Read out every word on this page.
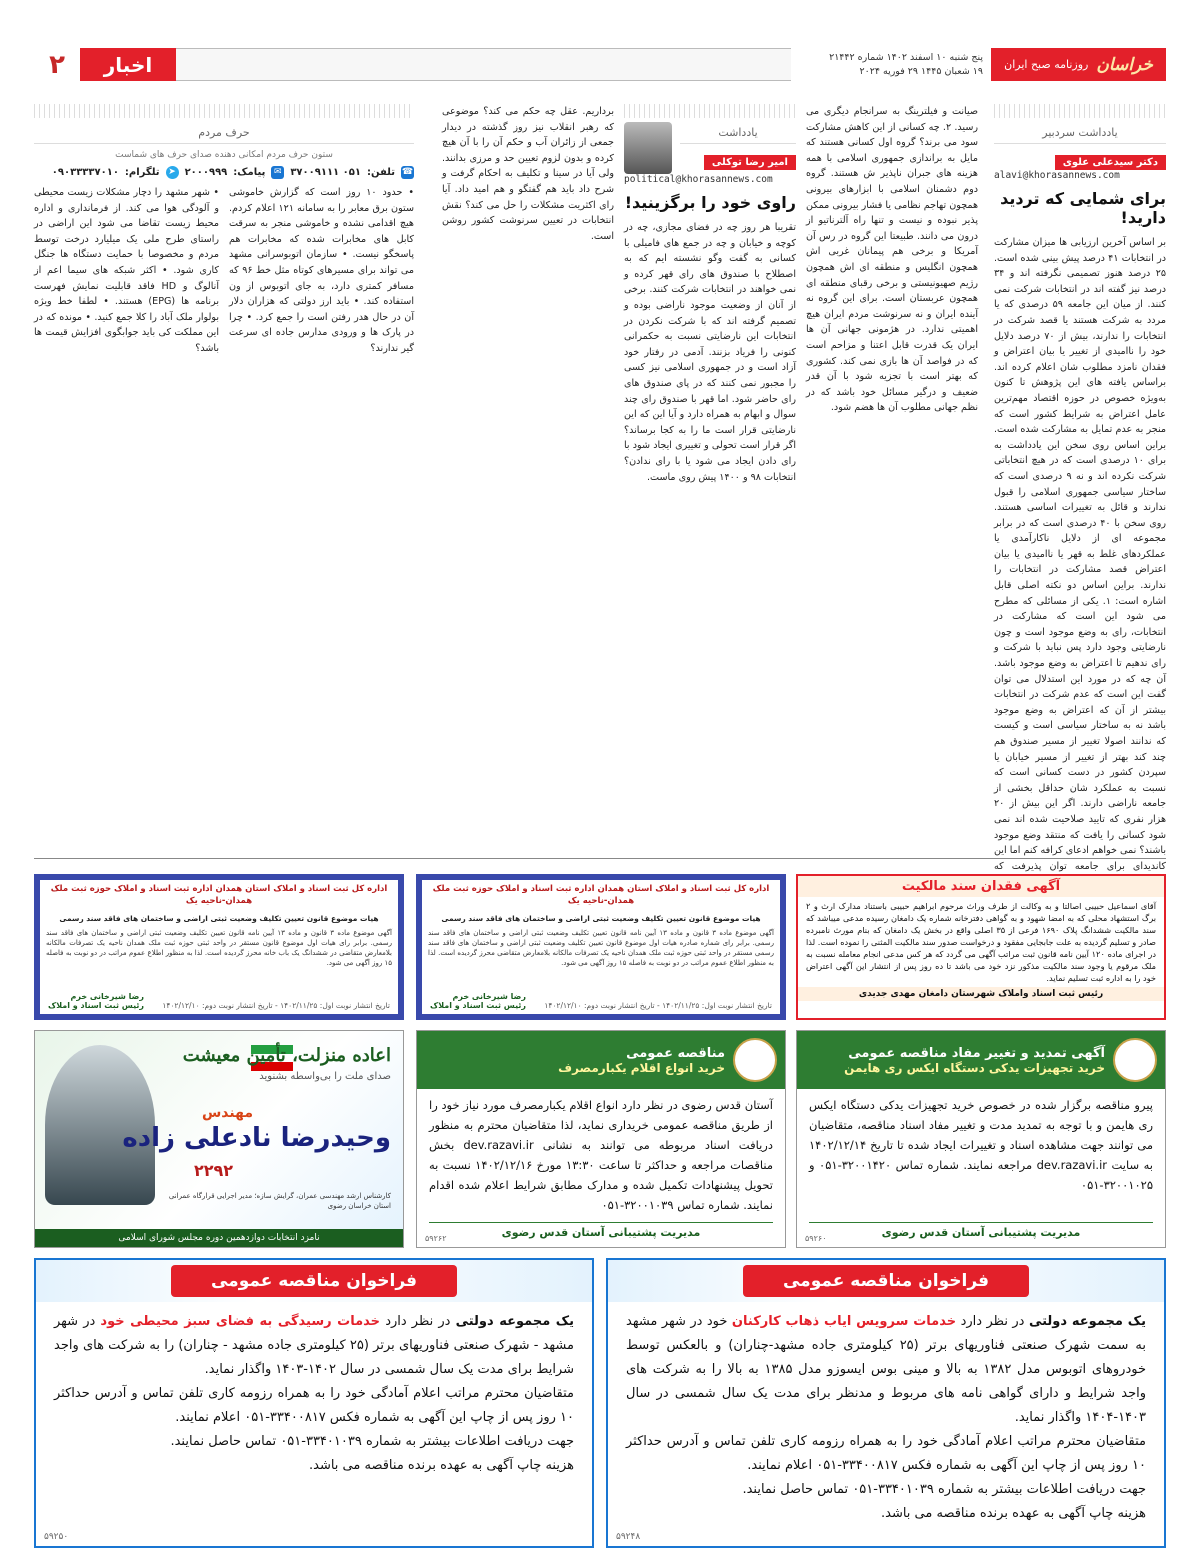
خراسان
روزنامه صبح ایران
پنج شنبه ۱۰ اسفند ۱۴۰۲ شماره ۲۱۴۴۲
۱۹ شعبان ۱۴۴۵ ۲۹ فوریه ۲۰۲۴
اخبار
۲
یادداشت سردبیر
دکتر سیدعلی علوی
alavi@khorasannews.com
برای شمایی که تردید دارید!

بر اساس آخرین ارزیابی ها میزان مشارکت در انتخابات ۴۱ درصد پیش بینی شده است. ۲۵ درصد هنوز تصمیمی نگرفته اند و ۳۴ درصد نیز گفته اند در انتخابات شرکت نمی کنند. از میان این جامعه ۵۹ درصدی که یا مردد به شرکت هستند یا قصد شرکت در انتخابات را ندارند، بیش از ۷۰ درصد دلایل خود را ناامیدی از تغییر یا بیان اعتراض و فقدان نامزد مطلوب شان اعلام کرده اند. براساس یافته های این پژوهش تا کنون به‌ویژه خصوص در حوزه اقتصاد مهم‌ترین عامل اعتراض به شرایط کشور است که منجر به عدم تمایل به مشارکت شده است. براین اساس روی سخن این یادداشت به برای ۱۰ درصدی است که در هیچ انتخاباتی شرکت نکرده اند و نه ۹ درصدی است که ساختار سیاسی جمهوری اسلامی را قبول ندارند و قائل به تغییرات اساسی هستند. روی سخن با ۴۰ درصدی است که در برابر مجموعه ای از دلایل ناکارآمدی یا عملکردهای غلط به قهر یا ناامیدی یا بیان اعتراض قصد مشارکت در انتخابات را ندارند. براین اساس دو نکته اصلی قابل اشاره است: ۱. یکی از مسائلی که مطرح می شود این است که مشارکت در انتخابات، رای به وضع موجود است و چون نارضایتی وجود دارد پس نباید با شرکت و رای ندهیم تا اعتراض به وضع موجود باشد. آن چه که در مورد این استدلال می توان گفت این است که عدم شرکت در انتخابات بیشتر از آن که اعتراض به وضع موجود باشد نه به ساختار سیاسی است و کیست که ندانند اصولا تغییر از مسیر صندوق هم چند کند بهتر از تغییر از مسیر خیابان یا سپردن کشور در دست کسانی است که نسبت به عملکرد شان حداقل بخشی از جامعه ناراضی دارند. اگر این بیش از ۲۰ هزار نفری که تایید صلاحیت شده اند نمی شود کسانی را یافت که منتقد وضع موجود باشند؟ نمی خواهم ادعای کرافه کنم اما این کاندیدای برای جامعه توان پذیرفت که

صیانت و فیلترینگ به سرانجام دیگری می رسید. ۲. چه کسانی از این کاهش مشارکت سود می برند؟ گروه اول کسانی هستند که مایل به براندازی جمهوری اسلامی با همه هزینه های جبران ناپذیر ش هستند. گروه دوم دشمنان اسلامی با ابزارهای بیرونی همچون تهاجم نظامی یا فشار بیرونی ممکن پذیر نبوده و نیست و تنها راه آلترناتیو از درون می دانند. طبیعتا این گروه در رس آن آمریکا و برخی هم پیمانان غربی اش همچون انگلیس و منطقه ای اش همچون رژیم صهیونیستی و برخی رقبای منطقه ای همچون عربستان است. برای این گروه نه آینده ایران و نه سرنوشت مردم ایران هیچ اهمیتی ندارد. در هژمونی جهانی آن ها ایران یک قدرت قابل اعتنا و مزاحم است که در فواصد آن ها بازی نمی کند. کشوری که بهتر است با تجزیه شود با آن قدر ضعیف و درگیر مسائل خود باشد که در نظم جهانی مطلوب آن ها هضم شود.

یادداشت
امیر رضا توکلی
political@khorasannews.com
راوی خود را برگزینید!

تقریبا هر روز چه در فضای مجازی، چه در کوچه و خیابان و چه در جمع های فامیلی با کسانی به گفت وگو نشسته ایم که به اصطلاح با صندوق های رای قهر کرده و نمی خواهند در انتخابات شرکت کنند. برخی از آنان از وضعیت موجود ناراضی بوده و تصمیم گرفته اند که با شرکت نکردن در انتخابات این نارضایتی نسبت به حکمرانی کنونی را فریاد بزنند. آدمی در رفتار خود آزاد است و در جمهوری اسلامی نیز کسی را مجبور نمی کنند که در پای صندوق های رای حاضر شود. اما قهر با صندوق رای چند سوال و ابهام به همراه دارد و آیا این که این نارضایتی قرار است ما را به کجا برساند؟ اگر قرار است تحولی و تغییری ایجاد شود با رای دادن ایجاد می شود یا با رای ندادن؟ انتخابات ۹۸ و ۱۴۰۰ پیش روی ماست.

برداریم. عقل چه حکم می کند؟ موضوعی که رهبر انقلاب نیز روز گذشته در دیدار جمعی از زائران آب و حکم آن را با آن هیچ کرده و بدون لزوم تعیین حد و مرزی بدانند. ولی آیا در سینا و تکلیف به احکام گرفت و شرح داد باید هم گفتگو و هم امید داد. آیا رای اکثریت مشکلات را حل می کند؟ نقش انتخابات در تعیین سرنوشت کشور روشن است.

حرف مردم
ستون حرف مردم امکانی دهنده صدای حرف های شماست
☎
تلفن:
۰۵۱ ۳۷۰۰۹۱۱۱
✉
پیامک:
۲۰۰۰۹۹۹
➤
تلگرام:
۰۹۰۳۳۳۳۷۰۱۰

• حدود ۱۰ روز است که گزارش خاموشی ستون برق معابر را به سامانه ۱۲۱ اعلام کردم. هیچ اقدامی نشده و خاموشی منجر به سرقت کابل های مخابرات شده که مخابرات هم پاسخگو نیست. • سازمان اتوبوسرانی مشهد می تواند برای مسیرهای کوتاه مثل خط ۹۶ که مسافر کمتری دارد، به جای اتوبوس از ون استفاده کند. • باید ارز دولتی که هزاران دلار آن در حال هدر رفتن است را جمع کرد. • چرا در پارک ها و ورودی مدارس جاده ای سرعت گیر ندارند؟

• شهر مشهد را دچار مشکلات زیست محیطی و آلودگی هوا می کند. از فرمانداری و اداره محیط زیست تقاضا می شود این اراضی در راستای طرح ملی یک میلیارد درخت توسط مردم و مخصوصا با حمایت دستگاه ها جنگل کاری شود. • اکثر شبکه های سیما اعم از آنالوگ و HD فاقد قابلیت نمایش فهرست برنامه ها (EPG) هستند. • لطفا خط ویژه بولوار ملک آباد را کلا جمع کنید. • مونده که در این مملکت کی باید جوابگوی افزایش قیمت ها باشد؟

آگهی فقدان سند مالکیت
آقای اسماعیل حبیبی اصالتا و به وکالت از طرف وراث مرحوم ابراهیم حبیبی باستناد مدارک ارث و ۲ برگ استشهاد محلی که به امضا شهود و به گواهی دفترخانه شماره یک دامغان رسیده مدعی میباشد که سند مالکیت ششدانگ پلاک ۱۶۹۰ فرعی از ۳۵ اصلی واقع در بخش یک دامغان که بنام مورث نامبرده صادر و تسلیم گردیده به علت جابجایی مفقود و درخواست صدور سند مالکیت المثنی را نموده است. لذا در اجرای ماده ۱۲۰ آیین نامه قانون ثبت مراتب آگهی می گردد که هر کس مدعی انجام معامله نسبت به ملک مرقوم یا وجود سند مالکیت مذکور نزد خود می باشد تا ده روز پس از انتشار این آگهی اعتراض خود را به اداره ثبت تسلیم نماید.
رئیس ثبت اسناد واملاک شهرستان دامغان مهدی جدیدی
اداره کل ثبت اسناد و املاک استان همدان اداره ثبت اسناد و املاک حوزه ثبت ملک همدان-ناحیه یک
هیات موضوع قانون تعیین تکلیف وضعیت ثبتی اراضی و ساختمان های فاقد سند رسمی
آگهی موضوع ماده ۳ قانون و ماده ۱۳ آیین نامه قانون تعیین تکلیف وضعیت ثبتی اراضی و ساختمان های فاقد سند رسمی. برابر رای شماره صادره هیات اول موضوع قانون تعیین تکلیف وضعیت ثبتی اراضی و ساختمان های فاقد سند رسمی مستقر در واحد ثبتی حوزه ثبت ملک همدان ناحیه یک تصرفات مالکانه بلامعارض متقاضی محرز گردیده است. لذا به منظور اطلاع عموم مراتب در دو نوبت به فاصله ۱۵ روز آگهی می شود.
رضا شیرخانی خرم
رئیس ثبت اسناد و املاک تاریخ انتشار نوبت اول: ۱۴۰۲/۱۱/۲۵ - تاریخ انتشار نوبت دوم: ۱۴۰۲/۱۲/۱۰
اداره کل ثبت اسناد و املاک استان همدان اداره ثبت اسناد و املاک حوزه ثبت ملک همدان-ناحیه یک
هیات موضوع قانون تعیین تکلیف وضعیت ثبتی اراضی و ساختمان های فاقد سند رسمی
آگهی موضوع ماده ۳ قانون و ماده ۱۳ آیین نامه قانون تعیین تکلیف وضعیت ثبتی اراضی و ساختمان های فاقد سند رسمی. برابر رای هیات اول موضوع قانون مستقر در واحد ثبتی حوزه ثبت ملک همدان ناحیه یک تصرفات مالکانه بلامعارض متقاضی در ششدانگ یک باب خانه محرز گردیده است. لذا به منظور اطلاع عموم مراتب در دو نوبت به فاصله ۱۵ روز آگهی می شود.
رضا شیرخانی خرم
رئیس ثبت اسناد و املاک تاریخ انتشار نوبت اول: ۱۴۰۲/۱۱/۲۵ - تاریخ انتشار نوبت دوم: ۱۴۰۲/۱۲/۱۰
آگهی تمدید و تغییر مفاد مناقصه عمومی
خرید تجهیزات یدکی دستگاه ایکس ری هایمن
پیرو مناقصه برگزار شده در خصوص خرید تجهیزات یدکی دستگاه ایکس ری هایمن و با توجه به تمدید مدت و تغییر مفاد اسناد مناقصه، متقاضیان می توانند جهت مشاهده اسناد و تغییرات ایجاد شده تا تاریخ ۱۴۰۲/۱۲/۱۴ به سایت dev.razavi.ir مراجعه نمایند. شماره تماس ۳۲۰۰۱۴۲۰-۰۵۱ و ۳۲۰۰۱۰۲۵-۰۵۱
مدیریت پشتیبانی آستان قدس رضوی
۵۹۲۶۰
مناقصه عمومی
خرید انواع اقلام یکبارمصرف
آستان قدس رضوی در نظر دارد انواع اقلام یکبارمصرف مورد نیاز خود را از طریق مناقصه عمومی خریداری نماید، لذا متقاضیان محترم به منظور دریافت اسناد مربوطه می توانند به نشانی dev.razavi.ir بخش مناقصات مراجعه و حداکثر تا ساعت ۱۳:۳۰ مورخ ۱۴۰۲/۱۲/۱۶ نسبت به تحویل پیشنهادات تکمیل شده و مدارک مطابق شرایط اعلام شده اقدام نمایند. شماره تماس ۳۲۰۰۱۰۳۹-۰۵۱
مدیریت پشتیبانی آستان قدس رضوی
۵۹۲۶۲
اعاده منزلت، تأمین معیشت
صدای ملت را بی‌واسطه بشنوید
مهندس
وحیدرضا نادعلی زاده
۲۲۹۲
کارشناس ارشد مهندسی عمران، گرایش سازه؛ مدیر اجرایی قرارگاه عمرانی استان خراسان رضوی
نامزد انتخابات دوازدهمین دوره مجلس شورای اسلامی
فراخوان مناقصه عمومی
یک مجموعه دولتی در نظر دارد خدمات سرویس ایاب ذهاب کارکنان خود در شهر مشهد به سمت شهرک صنعتی فناوریهای برتر (۲۵ کیلومتری جاده مشهد-چناران) و بالعکس توسط خودروهای اتوبوس مدل ۱۳۸۲ به بالا و مینی بوس ایسوزو مدل ۱۳۸۵ به بالا را به شرکت های واجد شرایط و دارای گواهی نامه های مربوط و مدنظر برای مدت یک سال شمسی در سال ۱۴۰۳-۱۴۰۴ واگذار نماید.
متقاضیان محترم مراتب اعلام آمادگی خود را به همراه رزومه کاری تلفن تماس و آدرس حداکثر ۱۰ روز پس از چاپ این آگهی به شماره فکس ۳۳۴۰۰۸۱۷-۰۵۱ اعلام نمایند.
جهت دریافت اطلاعات بیشتر به شماره ۳۳۴۰۱۰۳۹-۰۵۱ تماس حاصل نمایند.
هزینه چاپ آگهی به عهده برنده مناقصه می باشد.
۵۹۲۴۸
فراخوان مناقصه عمومی
یک مجموعه دولتی در نظر دارد خدمات رسیدگی به فضای سبز محیطی خود در شهر مشهد - شهرک صنعتی فناوریهای برتر (۲۵ کیلومتری جاده مشهد - چناران) را به شرکت های واجد شرایط برای مدت یک سال شمسی در سال ۱۴۰۲-۱۴۰۳ واگذار نماید.
متقاضیان محترم مراتب اعلام آمادگی خود را به همراه رزومه کاری تلفن تماس و آدرس حداکثر ۱۰ روز پس از چاپ این آگهی به شماره فکس ۳۳۴۰۰۸۱۷-۰۵۱ اعلام نمایند.
جهت دریافت اطلاعات بیشتر به شماره ۳۳۴۰۱۰۳۹-۰۵۱ تماس حاصل نمایند.
هزینه چاپ آگهی به عهده برنده مناقصه می باشد.
۵۹۲۵۰
